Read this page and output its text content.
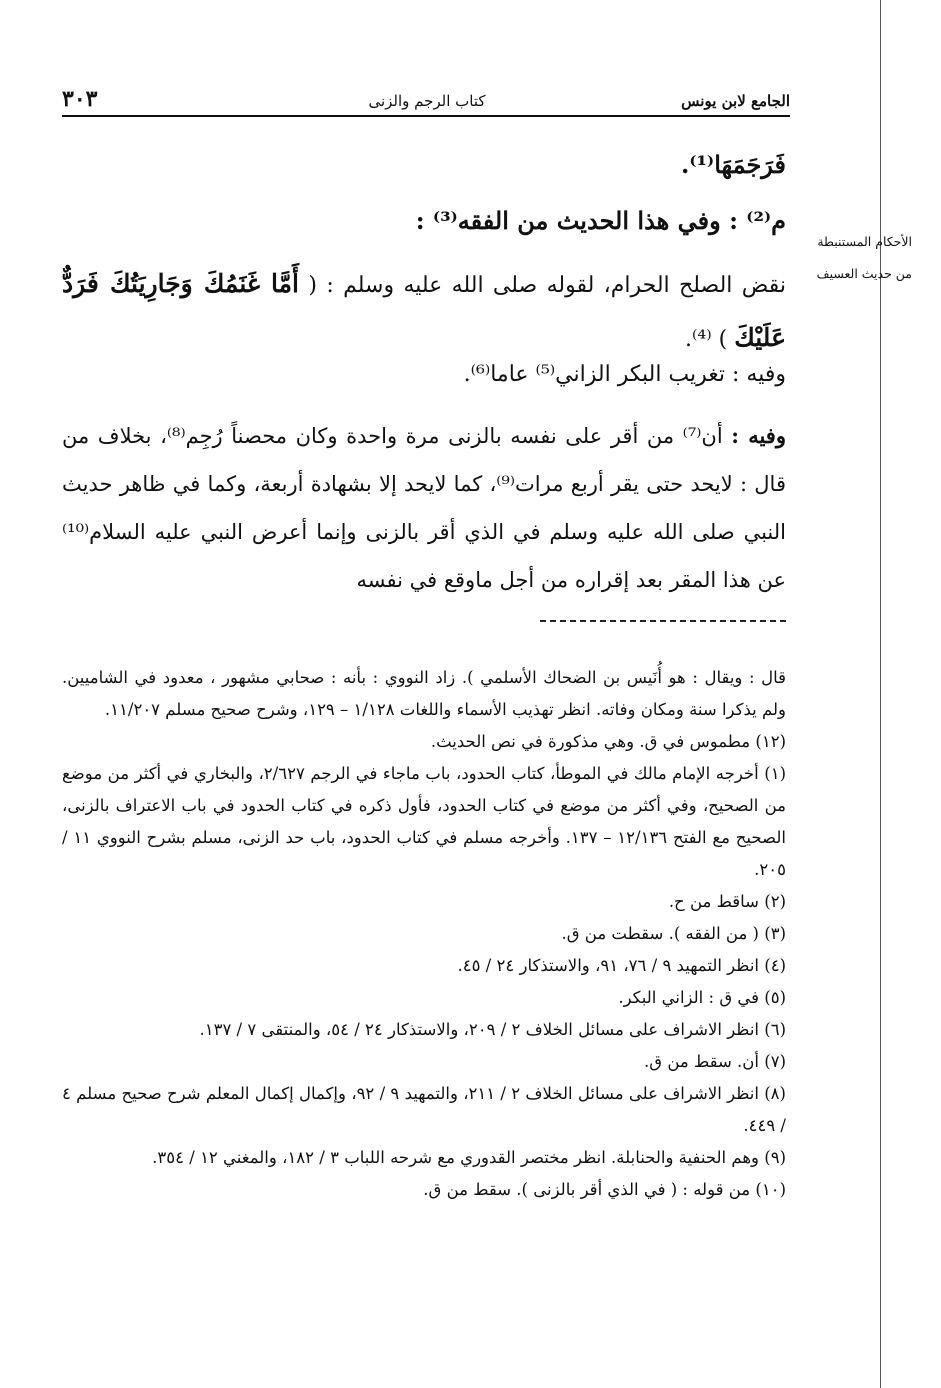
الجامع لابن يونس
كتاب الرجم والزنى
٣٠٣
الأحكام المستنبطة
من حديث العسيف
فَرَجَمَهَا⁽¹⁾.
م⁽²⁾ : وفي هذا الحديث من الفقه⁽³⁾ :

نقض الصلح الحرام، لقوله صلى الله عليه وسلم : ( أَمَّا غَنَمُكَ وَجَارِيَتُكَ فَرَدٌّ عَلَيْكَ ) ⁽⁴⁾.

وفيه : تغريب البكر الزاني⁽⁵⁾ عاما⁽⁶⁾.

وفيه : أن⁽⁷⁾ من أقر على نفسه بالزنى مرة واحدة وكان محصناً رُجِم⁽⁸⁾، بخلاف من قال : لايحد حتى يقر أربع مرات⁽⁹⁾، كما لايحد إلا بشهادة أربعة، وكما في ظاهر حديث النبي صلى الله عليه وسلم في الذي أقر بالزنى وإنما أعرض النبي عليه السلام⁽¹⁰⁾ عن هذا المقر بعد إقراره من أجل ماوقع في نفسه

قال : ويقال : هو أُنَيس بن الضحاك الأسلمي ). زاد النووي : بأنه : صحابي مشهور ، معدود في الشاميين. ولم يذكرا سنة ومكان وفاته. انظر تهذيب الأسماء واللغات ١/١٢٨ – ١٢٩، وشرح صحيح مسلم ١١/٢٠٧.

(١٢) مطموس في ق. وهي مذكورة في نص الحديث.

(١) أخرجه الإمام مالك في الموطأ، كتاب الحدود، باب ماجاء في الرجم ٢/٦٢٧، والبخاري في أكثر من موضع من الصحيح، وفي أكثر من موضع في كتاب الحدود، فأول ذكره في كتاب الحدود في باب الاعتراف بالزنى، الصحيح مع الفتح ١٢/١٣٦ – ١٣٧. وأخرجه مسلم في كتاب الحدود، باب حد الزنى، مسلم بشرح النووي ١١ / ٢٠٥.

(٢) ساقط من ح.

(٣) ( من الفقه ). سقطت من ق.

(٤) انظر التمهيد ٩ / ٧٦، ٩١، والاستذكار ٢٤ / ٤٥.

(٥) في ق : الزاني البكر.

(٦) انظر الاشراف على مسائل الخلاف ٢ / ٢٠٩، والاستذكار ٢٤ / ٥٤، والمنتقى ٧ / ١٣٧.

(٧) أن. سقط من ق.

(٨) انظر الاشراف على مسائل الخلاف ٢ / ٢١١، والتمهيد ٩ / ٩٢، وإكمال إكمال المعلم شرح صحيح مسلم ٤ / ٤٤٩.

(٩) وهم الحنفية والحنابلة. انظر مختصر القدوري مع شرحه اللباب ٣ / ١٨٢، والمغني ١٢ / ٣٥٤.

(١٠) من قوله : ( في الذي أقر بالزنى ). سقط من ق.
